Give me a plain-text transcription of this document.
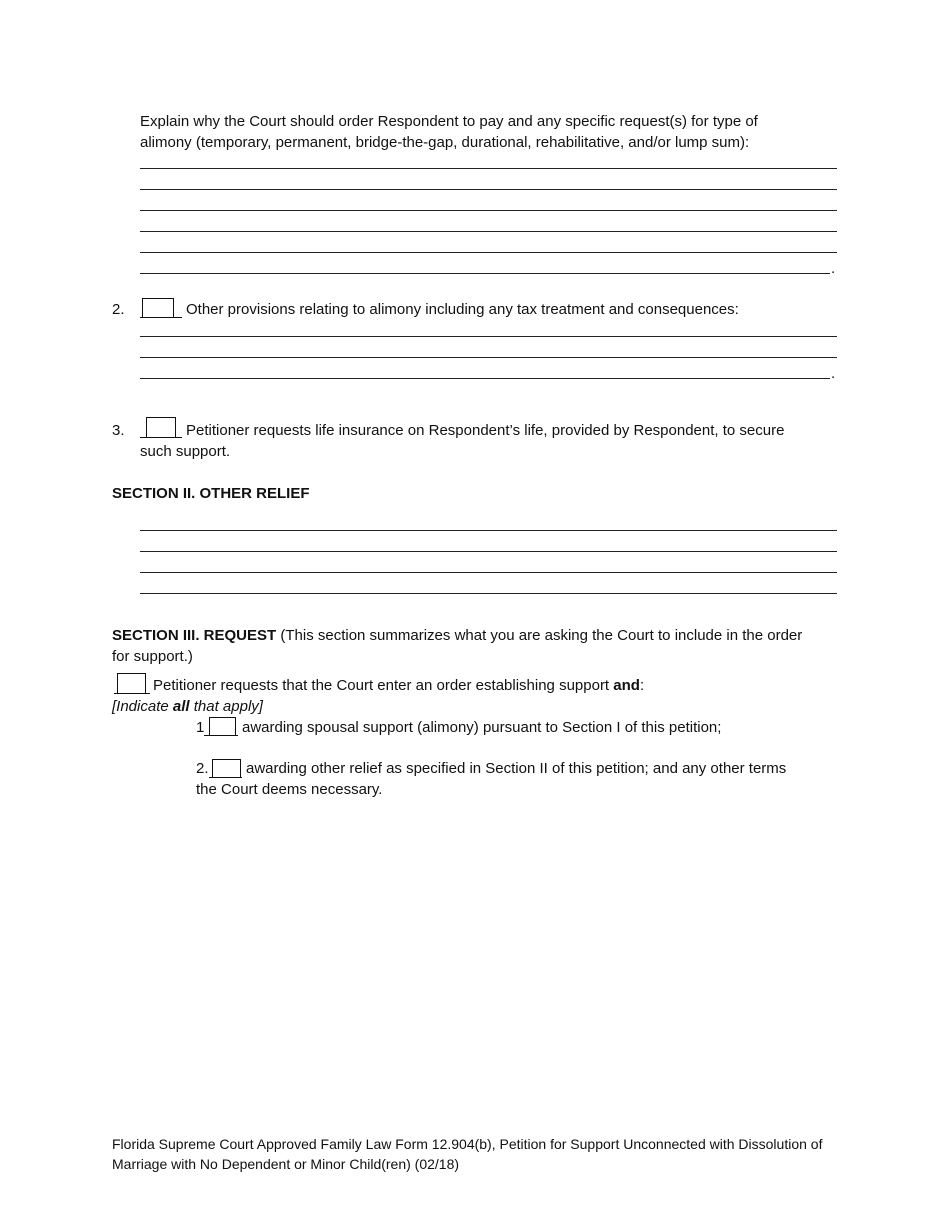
Explain why the Court should order Respondent to pay and any specific request(s) for type of
alimony (temporary, permanent, bridge-the-gap, durational, rehabilitative, and/or lump sum):
.
2.	Other provisions relating to alimony including any tax treatment and consequences:
.
3.	Petitioner requests life insurance on Respondent’s life, provided by Respondent, to secure
such support.
SECTION II. OTHER RELIEF
SECTION III. REQUEST (This section summarizes what you are asking the Court to include in the order
for support.)
Petitioner requests that the Court enter an order establishing support and:
[Indicate all that apply]
1	awarding spousal support (alimony) pursuant to Section I of this petition;
2. awarding other relief as specified in Section II of this petition; and any other terms
the Court deems necessary.
Florida Supreme Court Approved Family Law Form 12.904(b), Petition for Support Unconnected with Dissolution of
Marriage with No Dependent or Minor Child(ren) (02/18)
